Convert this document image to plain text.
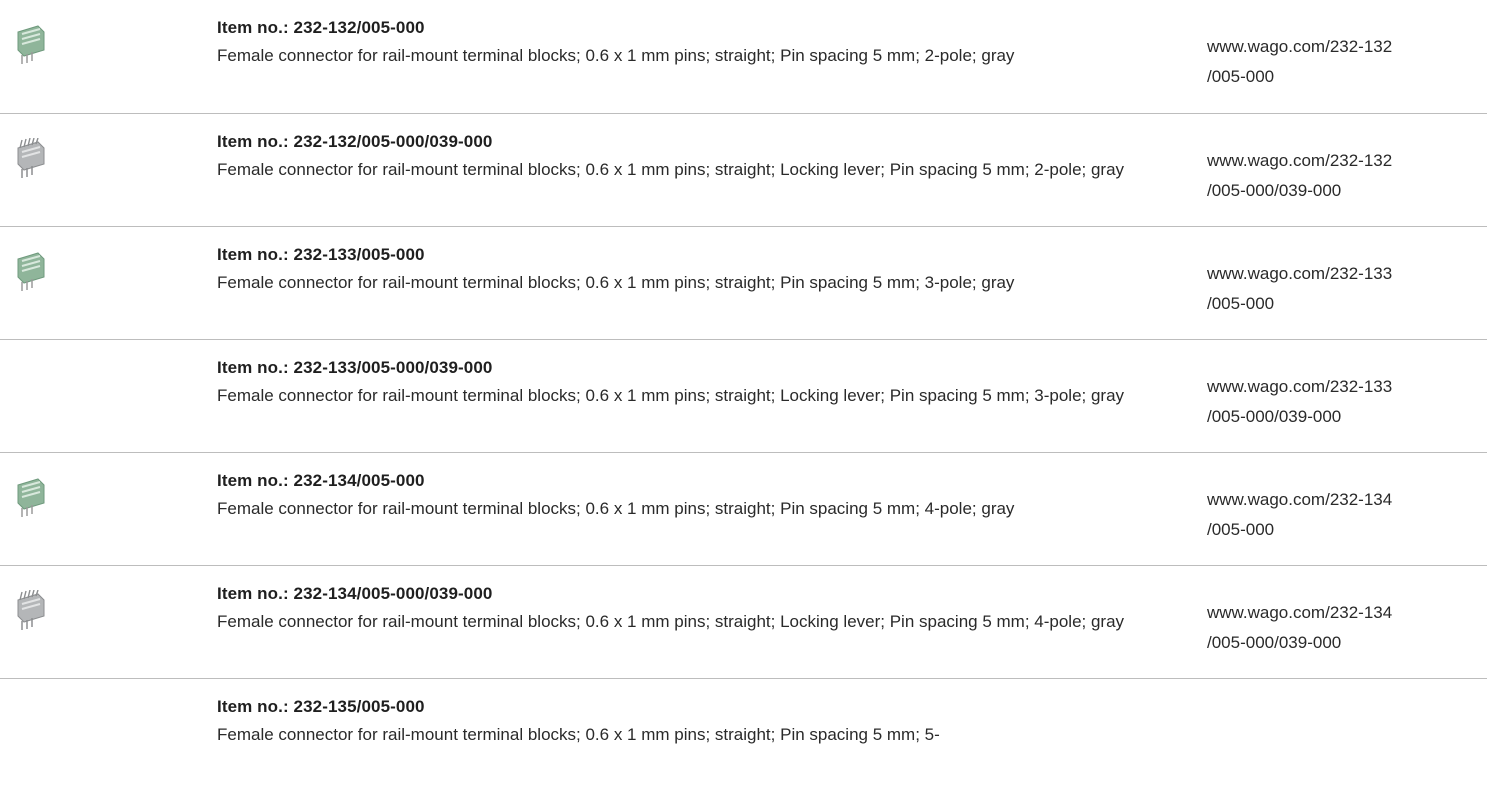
Item no.: 232-132/005-000
Female connector for rail-mount terminal blocks; 0.6 x 1 mm pins; straight; Pin spacing 5 mm; 2-pole; gray	www.wago.com/232-132
/005-000
Item no.: 232-132/005-000/039-000
Female connector for rail-mount terminal blocks; 0.6 x 1 mm pins; straight; Locking lever; Pin spacing 5 mm; 2-pole; gray	www.wago.com/232-132
/005-000/039-000
Item no.: 232-133/005-000
Female connector for rail-mount terminal blocks; 0.6 x 1 mm pins; straight; Pin spacing 5 mm; 3-pole; gray	www.wago.com/232-133
/005-000
Item no.: 232-133/005-000/039-000
Female connector for rail-mount terminal blocks; 0.6 x 1 mm pins; straight; Locking lever; Pin spacing 5 mm; 3-pole; gray	www.wago.com/232-133
/005-000/039-000
Item no.: 232-134/005-000
Female connector for rail-mount terminal blocks; 0.6 x 1 mm pins; straight; Pin spacing 5 mm; 4-pole; gray	www.wago.com/232-134
/005-000
Item no.: 232-134/005-000/039-000
Female connector for rail-mount terminal blocks; 0.6 x 1 mm pins; straight; Locking lever; Pin spacing 5 mm; 4-pole; gray	www.wago.com/232-134
/005-000/039-000
Item no.: 232-135/005-000
Female connector for rail-mount terminal blocks; 0.6 x 1 mm pins; straight; Pin spacing 5 mm; 5-
